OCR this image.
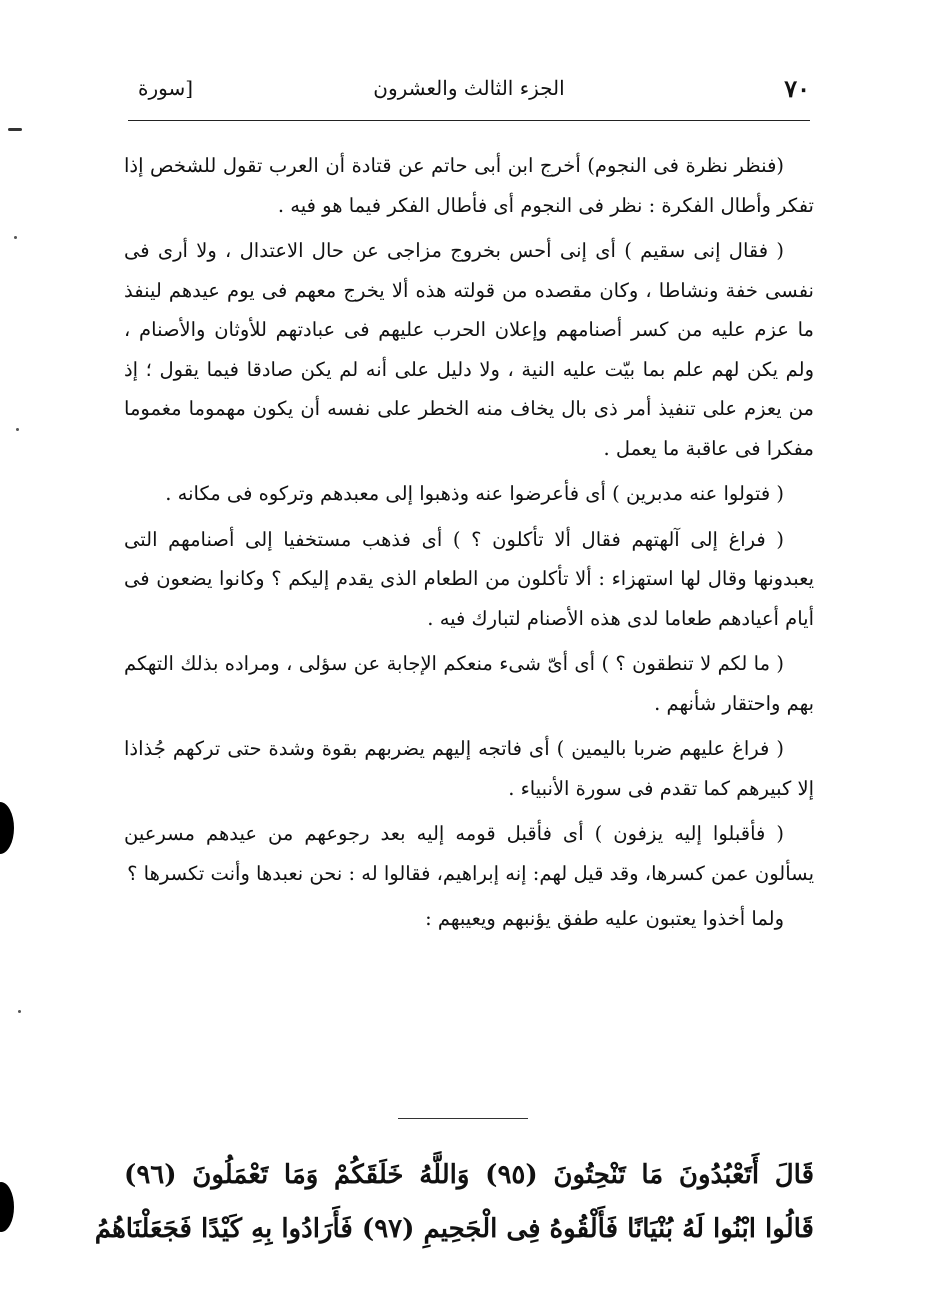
٧٠
الجزء الثالث والعشرون
[سورة

(فنظر نظرة فى النجوم) أخرج ابن أبى حاتم عن قتادة أن العرب تقول للشخص إذا تفكر وأطال الفكرة : نظر فى النجوم أى فأطال الفكر فيما هو فيه .

( فقال إنى سقيم ) أى إنى أحس بخروج مزاجى عن حال الاعتدال ، ولا أرى فى نفسى خفة ونشاطا ، وكان مقصده من قولته هذه ألا يخرج معهم فى يوم عيدهم لينفذ ما عزم عليه من كسر أصنامهم وإعلان الحرب عليهم فى عبادتهم للأوثان والأصنام ، ولم يكن لهم علم بما بيّت عليه النية ، ولا دليل على أنه لم يكن صادقا فيما يقول ؛ إذ من يعزم على تنفيذ أمر ذى بال يخاف منه الخطر على نفسه أن يكون مهموما مغموما مفكرا فى عاقبة ما يعمل .

( فتولوا عنه مدبرين ) أى فأعرضوا عنه وذهبوا إلى معبدهم وتركوه فى مكانه .

( فراغ إلى آلهتهم فقال ألا تأكلون ؟ ) أى فذهب مستخفيا إلى أصنامهم التى يعبدونها وقال لها استهزاء : ألا تأكلون من الطعام الذى يقدم إليكم ؟ وكانوا يضعون فى أيام أعيادهم طعاما لدى هذه الأصنام لتبارك فيه .

( ما لكم لا تنطقون ؟ ) أى أىّ شىء منعكم الإجابة عن سؤلى ، ومراده بذلك التهكم بهم واحتقار شأنهم .

( فراغ عليهم ضربا باليمين ) أى فاتجه إليهم يضربهم بقوة وشدة حتى تركهم جُذاذا إلا كبيرهم كما تقدم فى سورة الأنبياء .

( فأقبلوا إليه يزفون ) أى فأقبل قومه إليه بعد رجوعهم من عيدهم مسرعين يسألون عمن كسرها، وقد قيل لهم: إنه إبراهيم، فقالوا له : نحن نعبدها وأنت تكسرها ؟

ولما أخذوا يعتبون عليه طفق يؤنبهم ويعيبهم :

قَالَ أَتَعْبُدُونَ مَا تَنْحِتُونَ (٩٥) وَاللَّهُ خَلَقَكُمْ وَمَا تَعْمَلُونَ (٩٦)
قَالُوا ابْنُوا لَهُ بُنْيَانًا فَأَلْقُوهُ فِى الْجَحِيمِ (٩٧) فَأَرَادُوا بِهِ كَيْدًا فَجَعَلْنَاهُمُ
